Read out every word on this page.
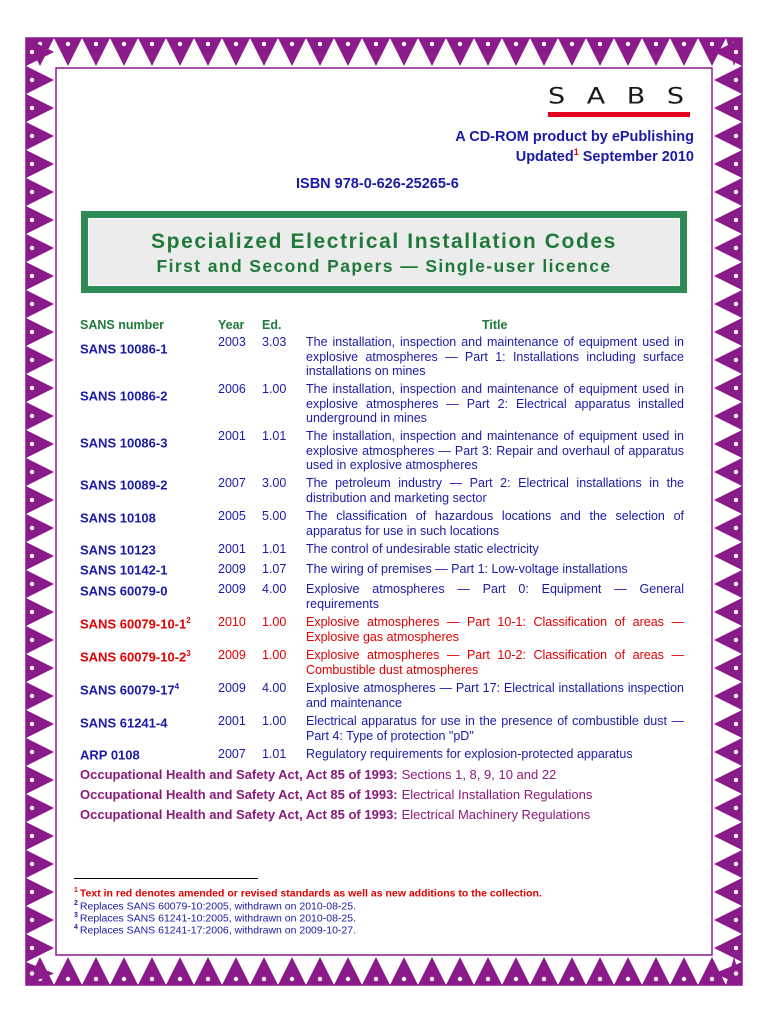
S A B S
A CD-ROM product by ePublishing
Updated$^1$ September 2010
ISBN 978-0-626-25265-6
Specialized Electrical Installation Codes
First and Second Papers — Single-user licence
SANS number	Year Ed.	Title
SANS 10086-1	2003 3.03 The installation, inspection and maintenance of equipment used in explosive atmospheres — Part 1: Installations including surface installations on mines
SANS 10086-2	2006 1.00 The installation, inspection and maintenance of equipment used in explosive atmospheres — Part 2: Electrical apparatus installed underground in mines
SANS 10086-3	2001 1.01 The installation, inspection and maintenance of equipment used in explosive atmospheres — Part 3: Repair and overhaul of apparatus used in explosive atmospheres
SANS 10089-2	2007 3.00 The petroleum industry — Part 2: Electrical installations in the distribution and marketing sector
SANS 10108	2005 5.00 The classification of hazardous locations and the selection of apparatus for use in such locations
SANS 10123	2001 1.01 The control of undesirable static electricity
SANS 10142-1	2009 1.07 The wiring of premises — Part 1: Low-voltage installations
SANS 60079-0	2009 4.00 Explosive atmospheres — Part 0: Equipment — General requirements
SANS $60079-10-1^2$ 2010 1.00 Explosive atmospheres — Part 10-1: Classification of areas — Explosive gas atmospheres
SANS $60079-10-2^3$ 2009 1.00 Explosive atmospheres — Part 10-2: Classification of areas — Combustible dust atmospheres
SANS $60079-17^4$	2009 4.00 Explosive atmospheres — Part 17: Electrical installations inspection and maintenance
SANS 61241-4	2001 1.00 Electrical apparatus for use in the presence of combustible dust — Part 4: Type of protection "pD"
ARP 0108	2007 1.01 Regulatory requirements for explosion-protected apparatus
Occupational Health and Safety Act, Act 85 of 1993: Sections 1, 8, 9, 10 and 22
Occupational Health and Safety Act, Act 85 of 1993: Electrical Installation Regulations
Occupational Health and Safety Act, Act 85 of 1993: Electrical Machinery Regulations
$^1$ Text in red denotes amended or revised standards as well as new additions to the collection.
$^2$ Replaces SANS 60079-10:2005, withdrawn on 2010-08-25.
$^3$ Replaces SANS 61241-10:2005, withdrawn on 2010-08-25.
$^4$ Replaces SANS 61241-17:2006, withdrawn on 2009-10-27.
